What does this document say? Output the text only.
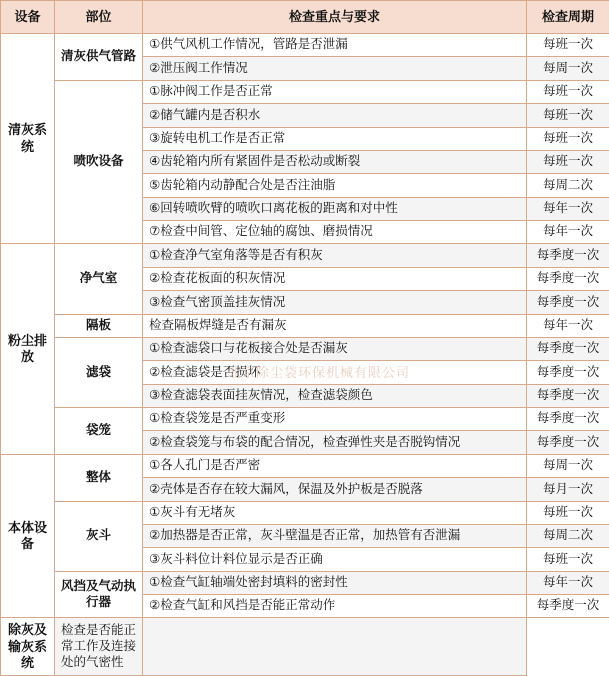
设备	部位	检查重点与要求	检查周期
清灰系统	清灰供气管路	①供气风机工作情况，管路是否泄漏	每班一次
		②泄压阀工作情况	每周一次
	喷吹设备	①脉冲阀工作是否正常	每班一次
		②储气罐内是否积水	每班一次
		③旋转电机工作是否正常	每班一次
		④齿轮箱内所有紧固件是否松动或断裂	每班一次
		⑤齿轮箱内动静配合处是否注油脂	每周二次
		⑥回转喷吹臂的喷吹口离花板的距离和对中性	每年一次
		⑦检查中间管、定位轴的腐蚀、磨损情况	每年一次
粉尘排放	净气室	①检查净气室角落等是否有积灰	每季度一次
		②检查花板面的积灰情况	每季度一次
		③检查气密顶盖挂灰情况	每季度一次
	隔板	检查隔板焊缝是否有漏灰	每年一次
	滤袋	①检查滤袋口与花板接合处是否漏灰	每季度一次
		②检查滤袋是否损坏	每季度一次
		③检查滤袋表面挂灰情况，检查滤袋颜色	每季度一次
	袋笼	①检查袋笼是否严重变形	每季度一次
		②检查袋笼与布袋的配合情况，检查弹性夹是否脱钩情况	每季度一次
本体设备	整体	①各人孔门是否严密	每周一次
		②壳体是否存在较大漏风，保温及外护板是否脱落	每月一次
	灰斗	①灰斗有无堵灰	每班一次
		②加热器是否正常，灰斗壁温是否正常，加热管有否泄漏	每周二次
		③灰斗料位计料位显示是否正确	每班一次
	风挡及气动执行器	①检查气缸轴端处密封填料的密封性	每年一次
		②检查气缸和风挡是否能正常动作	每季度一次
除灰及输灰系统	检查是否能正常工作及连接处的气密性		
北京除尘袋环保机械有限公司
